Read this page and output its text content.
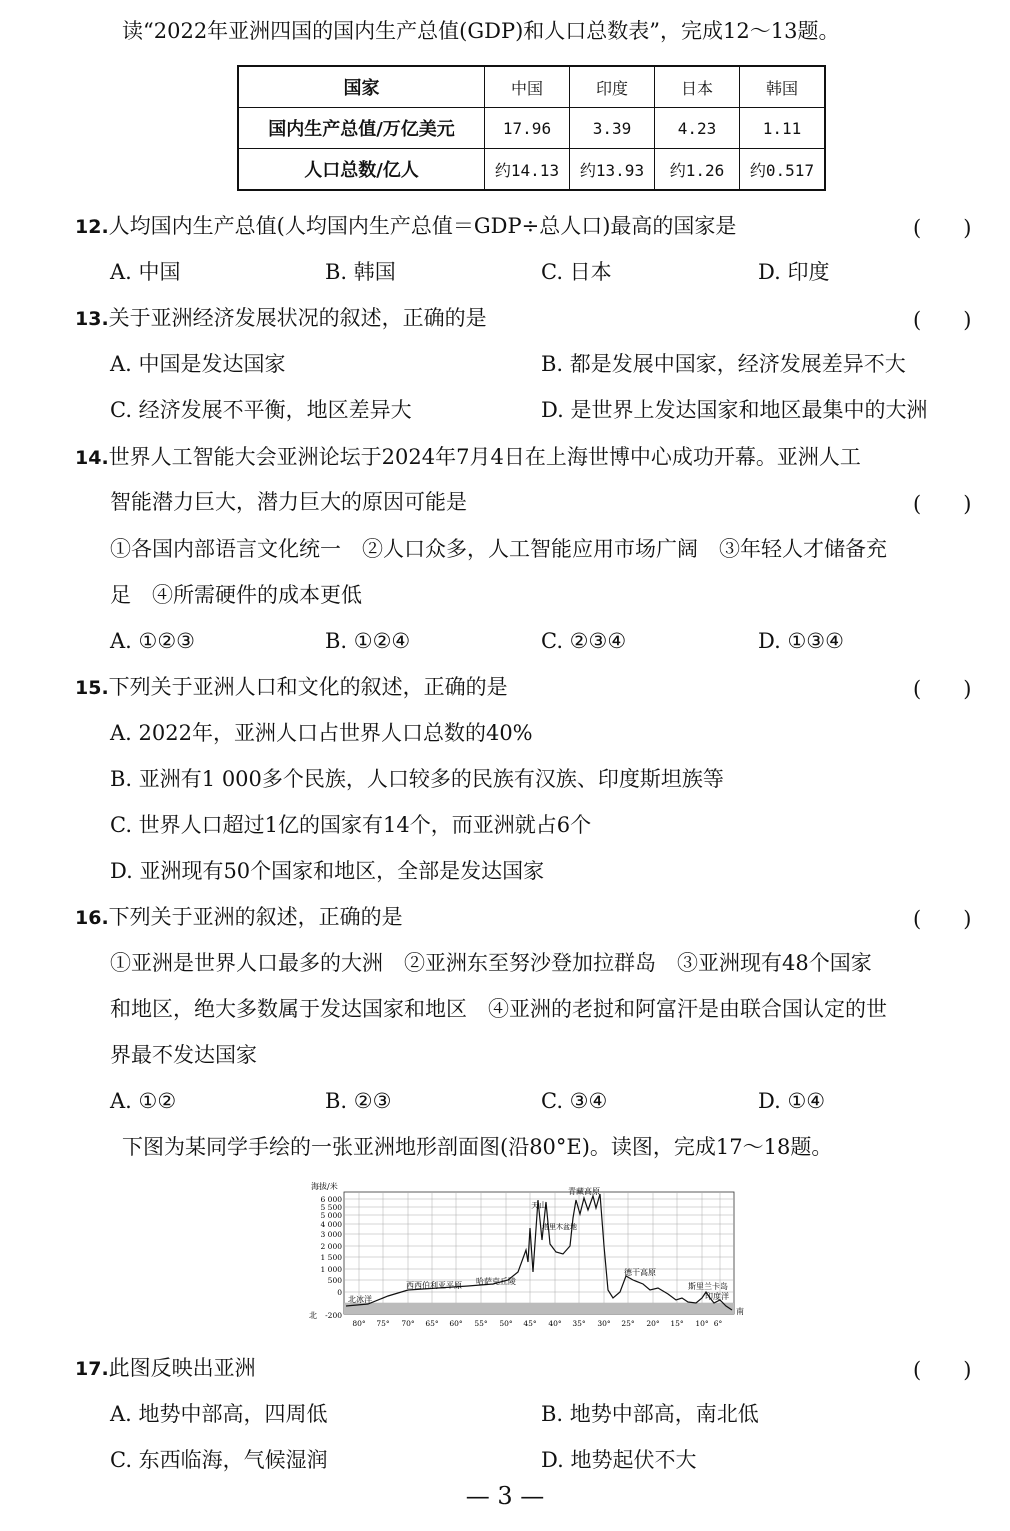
读“2022年亚洲四国的国内生产总值(GDP)和人口总数表”，完成12～13题。
国家	中国	印度	日本	韩国
国内生产总值/万亿美元	17.96	3.39	4.23	1.11
人口总数/亿人	约14.13	约13.93	约1.26	约0.517
12.人均国内生产总值(人均国内生产总值＝GDP÷总人口)最高的国家是	(　　)
A. 中国	B. 韩国	C. 日本	D. 印度
13.关于亚洲经济发展状况的叙述，正确的是	(　　)
A. 中国是发达国家	B. 都是发展中国家，经济发展差异不大
C. 经济发展不平衡，地区差异大	D. 是世界上发达国家和地区最集中的大洲
14.世界人工智能大会亚洲论坛于2024年7月4日在上海世博中心成功开幕。亚洲人工
智能潜力巨大，潜力巨大的原因可能是	(　　)
①各国内部语言文化统一　②人口众多，人工智能应用市场广阔　③年轻人才储备充
足　④所需硬件的成本更低
A. ①②③	B. ①②④	C. ②③④	D. ①③④
15.下列关于亚洲人口和文化的叙述，正确的是	(　　)
A. 2022年，亚洲人口占世界人口总数的40%
B. 亚洲有1 000多个民族，人口较多的民族有汉族、印度斯坦族等
C. 世界人口超过1亿的国家有14个，而亚洲就占6个
D. 亚洲现有50个国家和地区，全部是发达国家
16.下列关于亚洲的叙述，正确的是	(　　)
①亚洲是世界人口最多的大洲　②亚洲东至努沙登加拉群岛　③亚洲现有48个国家
和地区，绝大多数属于发达国家和地区　④亚洲的老挝和阿富汗是由联合国认定的世
界最不发达国家
A. ①②	B. ②③	C. ③④	D. ①④
下图为某同学手绘的一张亚洲地形剖面图(沿80°E)。读图，完成17～18题。
海拔/米
6 000
5 500
5 000
4 000
3 000
2 000
1 500
1 000
500
0
-200
北	南
80° 75° 70° 65° 60° 55° 50° 45° 40° 35° 30° 25° 20° 15° 10° 6°
北冰洋
西西伯利亚平原 哈萨克丘陵
天山
塔里木盆地
青藏高原
德干高原
斯里兰卡岛
印度洋
17.此图反映出亚洲	(　　)
A. 地势中部高，四周低	B. 地势中部高，南北低
C. 东西临海，气候湿润	D. 地势起伏不大
— 3 —
